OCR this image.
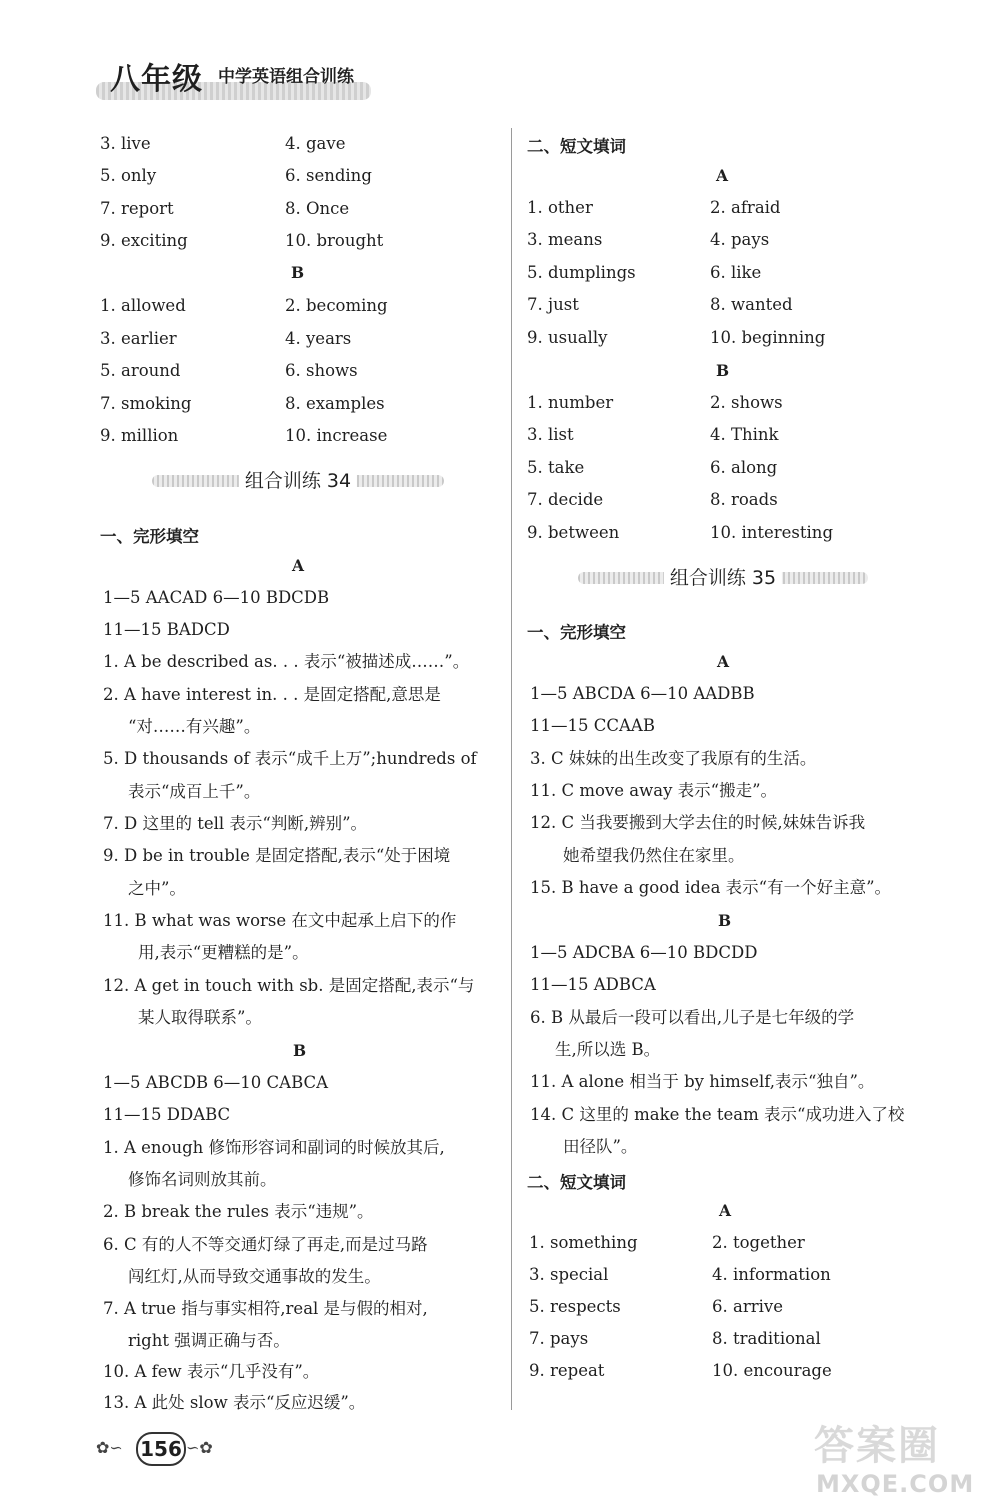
八年级 中学英语组合训练
3. live	4. gave
5. only	6. sending
7. report	8. Once
9. exciting	10. brought
B
1. allowed	2. becoming
3. earlier	4. years
5. around	6. shows
7. smoking	8. examples
9. million	10. increase
组合训练 34
一、完形填空
A
1—5 AACAD 6—10 BDCDB
11—15 BADCD
1. A be described as. . . 表示“被描述成……”。
2. A have interest in. . . 是固定搭配,意思是
“对……有兴趣”。
5. D thousands of 表示“成千上万”;hundreds of
表示“成百上千”。
7. D 这里的 tell 表示“判断,辨别”。
9. D be in trouble 是固定搭配,表示“处于困境
之中”。
11. B what was worse 在文中起承上启下的作
用,表示“更糟糕的是”。
12. A get in touch with sb. 是固定搭配,表示“与
某人取得联系”。
B
1—5 ABCDB 6—10 CABCA
11—15 DDABC
1. A enough 修饰形容词和副词的时候放其后,
修饰名词则放其前。
2. B break the rules 表示“违规”。
6. C 有的人不等交通灯绿了再走,而是过马路
闯红灯,从而导致交通事故的发生。
7. A true 指与事实相符,real 是与假的相对,
right 强调正确与否。
10. A few 表示“几乎没有”。
13. A 此处 slow 表示“反应迟缓”。
二、短文填词
A
1. other	2. afraid
3. means	4. pays
5. dumplings	6. like
7. just	8. wanted
9. usually	10. beginning
B
1. number	2. shows
3. list	4. Think
5. take	6. along
7. decide	8. roads
9. between	10. interesting
组合训练 35
一、完形填空
A
1—5 ABCDA 6—10 AADBB
11—15 CCAAB
3. C 妹妹的出生改变了我原有的生活。
11. C move away 表示“搬走”。
12. C 当我要搬到大学去住的时候,妹妹告诉我
她希望我仍然住在家里。
15. B have a good idea 表示“有一个好主意”。
B
1—5 ADCBA 6—10 BDCDD
11—15 ADBCA
6. B 从最后一段可以看出,儿子是七年级的学
生,所以选 B。
11. A alone 相当于 by himself,表示“独自”。
14. C 这里的 make the team 表示“成功进入了校
田径队”。
二、短文填词
A
1. something	2. together
3. special	4. information
5. respects	6. arrive
7. pays	8. traditional
9. repeat	10. encourage
✿∽ 156 ∽✿	答案圈
MXQE.COM
